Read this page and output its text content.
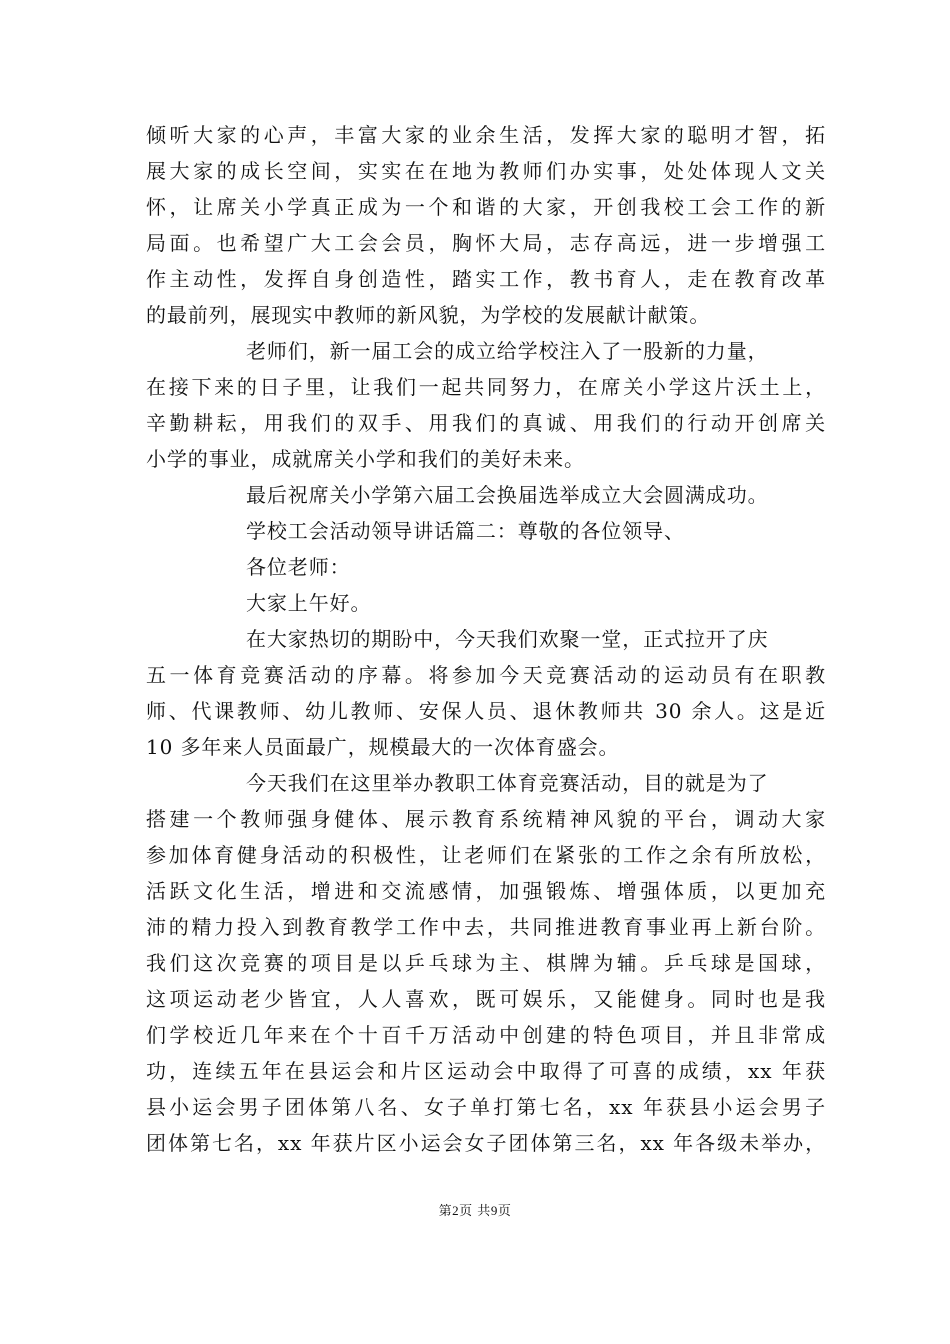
倾听大家的心声，丰富大家的业余生活，发挥大家的聪明才智，拓
展大家的成长空间，实实在在地为教师们办实事，处处体现人文关
怀，让席关小学真正成为一个和谐的大家，开创我校工会工作的新
局面。也希望广大工会会员，胸怀大局，志存高远，进一步增强工
作主动性，发挥自身创造性，踏实工作，教书育人，走在教育改革
的最前列，展现实中教师的新风貌，为学校的发展献计献策。
老师们，新一届工会的成立给学校注入了一股新的力量，
在接下来的日子里，让我们一起共同努力，在席关小学这片沃土上，
辛勤耕耘，用我们的双手、用我们的真诚、用我们的行动开创席关
小学的事业，成就席关小学和我们的美好未来。
最后祝席关小学第六届工会换届选举成立大会圆满成功。
学校工会活动领导讲话篇二：尊敬的各位领导、
各位老师：
大家上午好。
在大家热切的期盼中，今天我们欢聚一堂，正式拉开了庆
五一体育竞赛活动的序幕。将参加今天竞赛活动的运动员有在职教
师、代课教师、幼儿教师、安保人员、退休教师共 30 余人。这是近
10 多年来人员面最广，规模最大的一次体育盛会。
今天我们在这里举办教职工体育竞赛活动，目的就是为了
搭建一个教师强身健体、展示教育系统精神风貌的平台，调动大家
参加体育健身活动的积极性，让老师们在紧张的工作之余有所放松，
活跃文化生活，增进和交流感情，加强锻炼、增强体质，以更加充
沛的精力投入到教育教学工作中去，共同推进教育事业再上新台阶。
我们这次竞赛的项目是以乒乓球为主、棋牌为辅。乒乓球是国球，
这项运动老少皆宜，人人喜欢，既可娱乐，又能健身。同时也是我
们学校近几年来在个十百千万活动中创建的特色项目，并且非常成
功，连续五年在县运会和片区运动会中取得了可喜的成绩，xx 年获
县小运会男子团体第八名、女子单打第七名，xx 年获县小运会男子
团体第七名，xx 年获片区小运会女子团体第三名，xx 年各级未举办，
第2页 共9页
